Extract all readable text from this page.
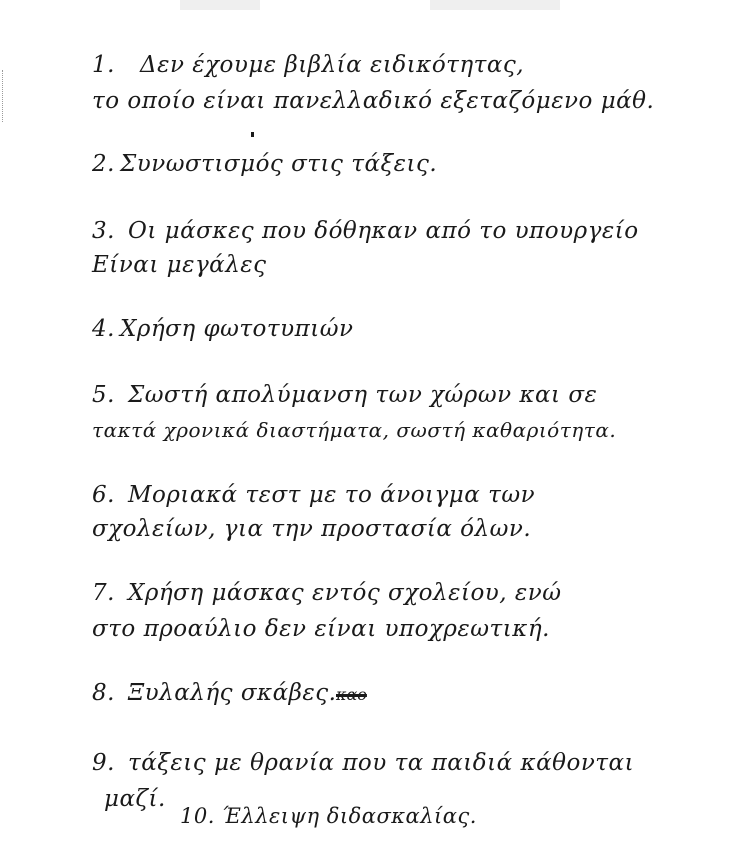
1. Δεν έχουμε βιβλία ειδικότητας,
το οποίο είναι πανελλαδικό εξεταζόμενο μάθ.
2. Συνωστισμός στις τάξεις.
3. Οι μάσκες που δόθηκαν από το υπουργείο
Είναι μεγάλες
4. Χρήση φωτοτυπιών
5. Σωστή απολύμανση των χώρων και σε
τακτά χρονικά διαστήματα, σωστή καθαριότητα.
6. Μοριακά τεστ με το άνοιγμα των
σχολείων, για την προστασία όλων.
7. Χρήση μάσκας εντός σχολείου, ενώ
στο προαύλιο δεν είναι υποχρεωτική.
8. Ξυλαλής σκάβες. καο
9. τάξεις με θρανία που τα παιδιά κάθονται
μαζί.
10. Έλλειψη διδασκαλίας.
